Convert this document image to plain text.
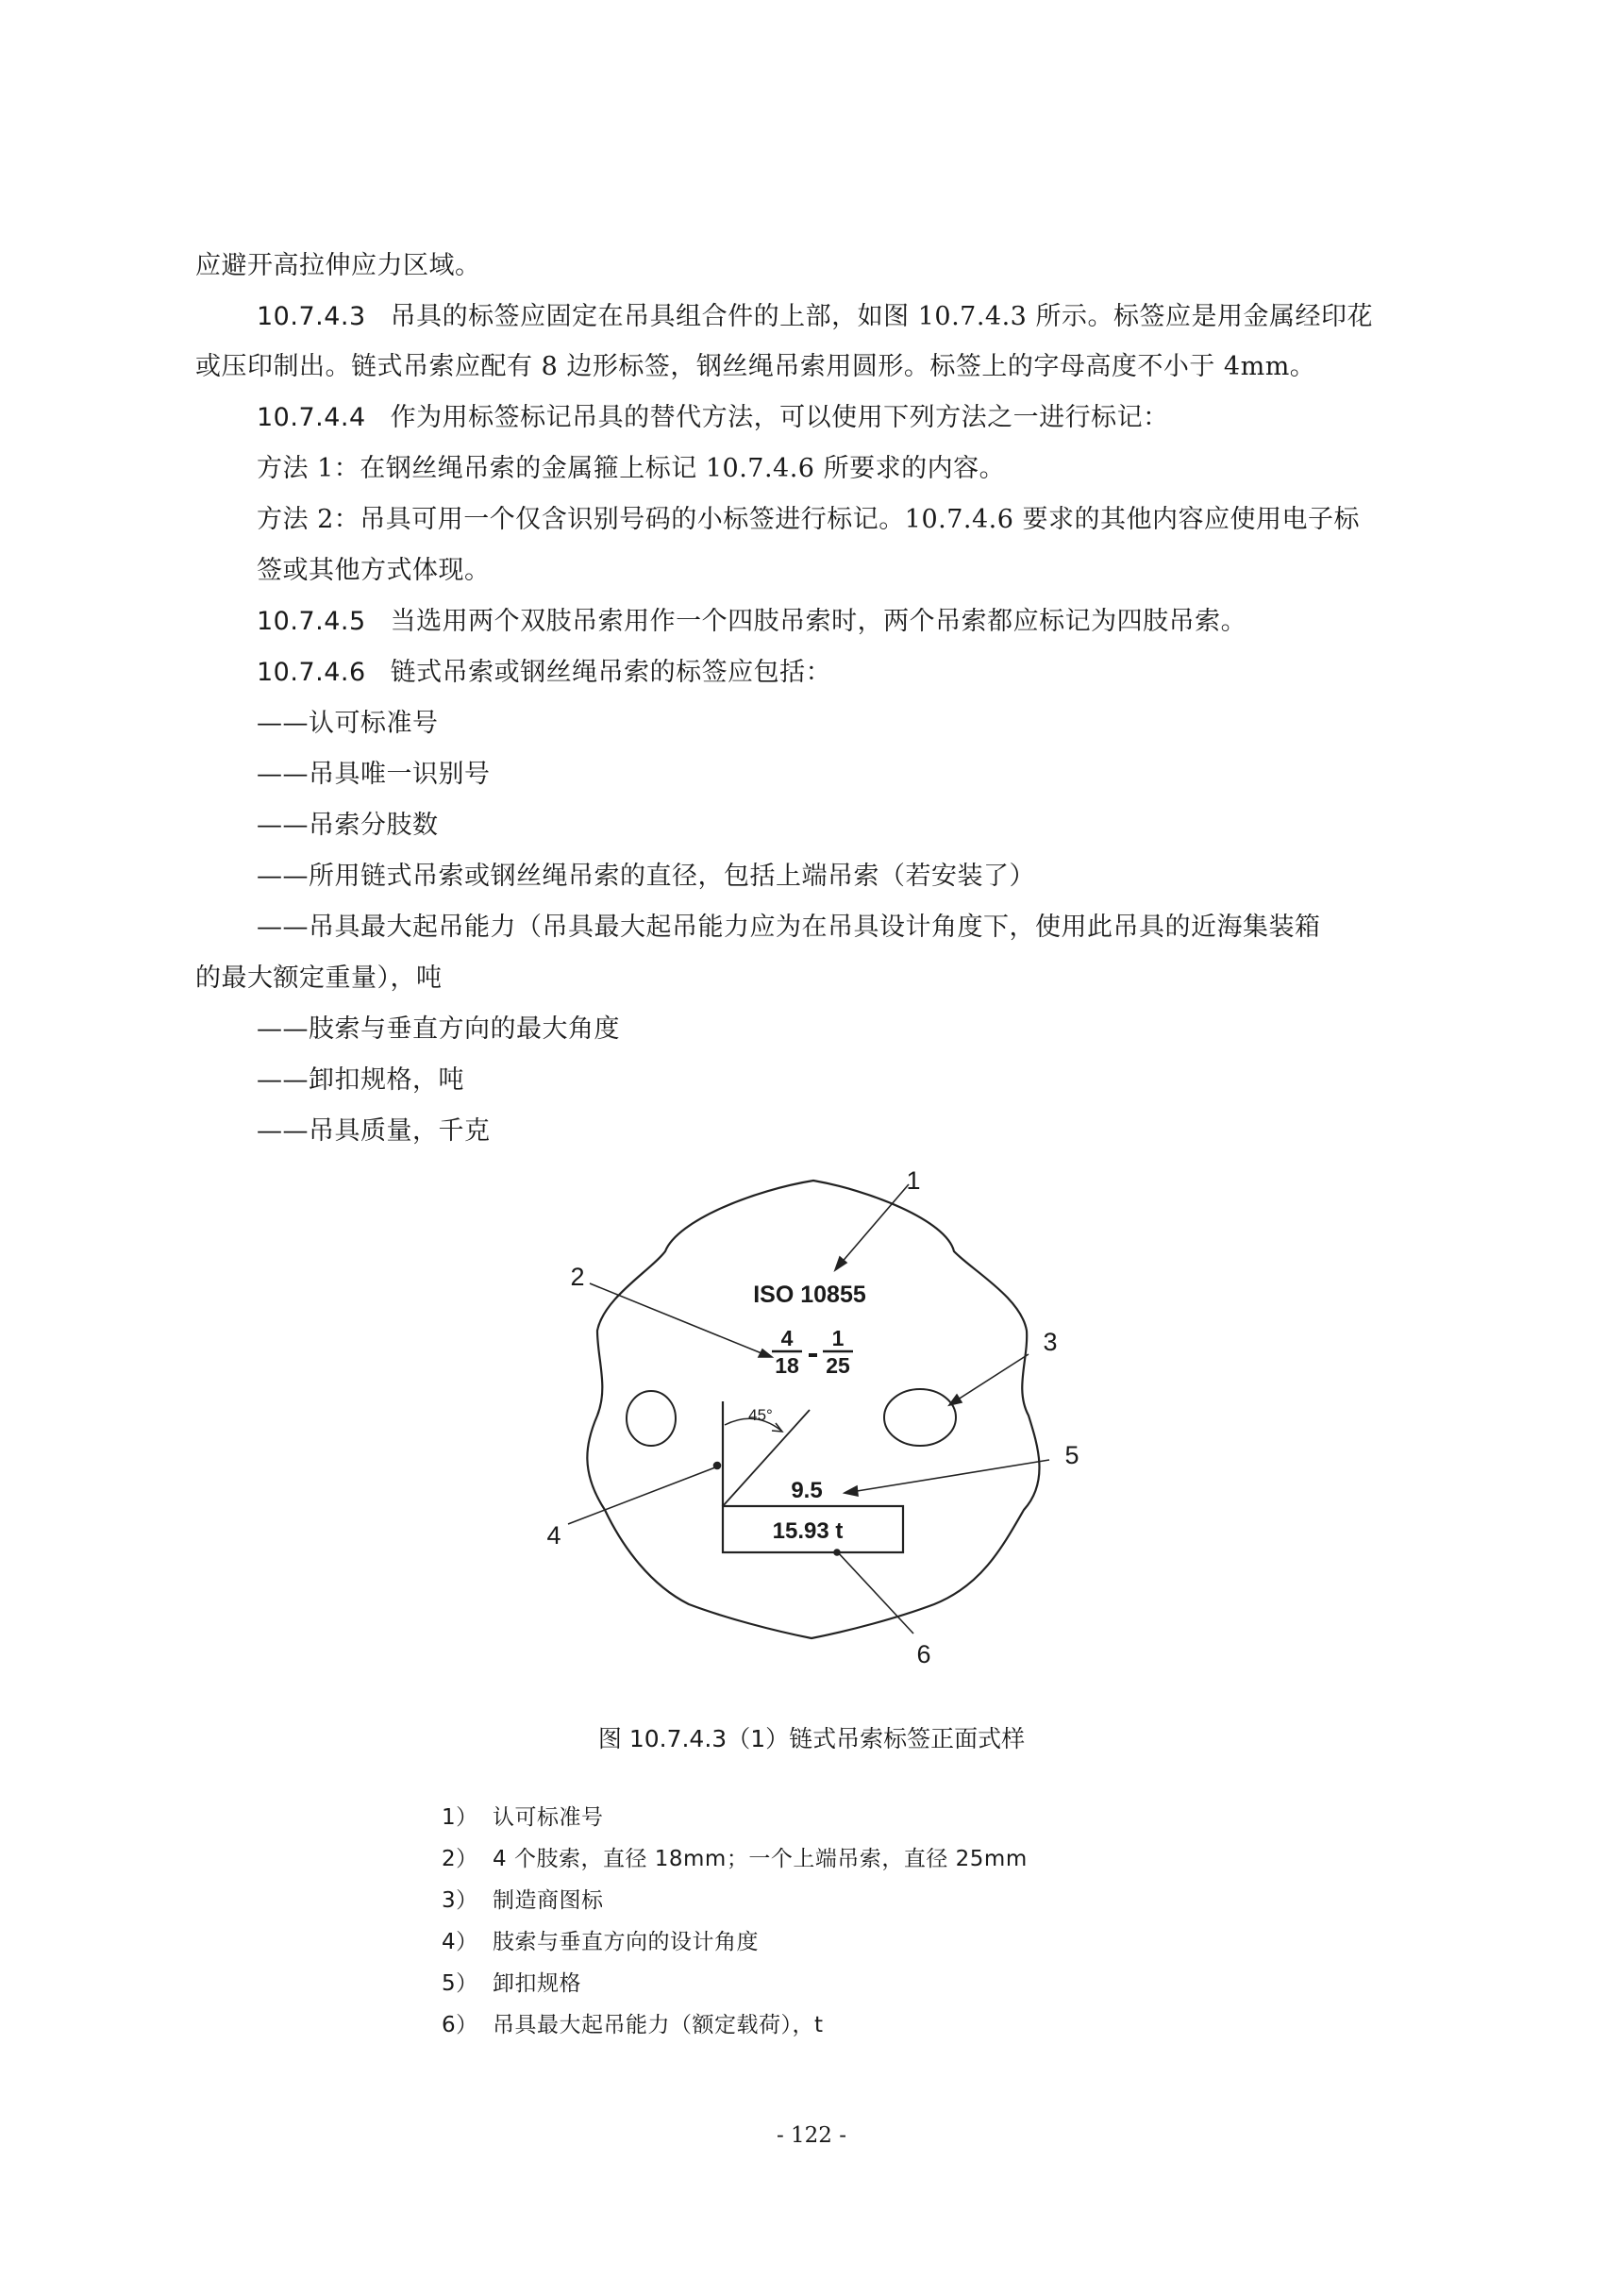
应避开高拉伸应力区域。
10.7.4.3 吊具的标签应固定在吊具组合件的上部，如图 10.7.4.3 所示。标签应是用金属经印花
或压印制出。链式吊索应配有 8 边形标签，钢丝绳吊索用圆形。标签上的字母高度不小于 4mm。
10.7.4.4 作为用标签标记吊具的替代方法，可以使用下列方法之一进行标记：
方法 1：在钢丝绳吊索的金属箍上标记 10.7.4.6 所要求的内容。
方法 2：吊具可用一个仅含识别号码的小标签进行标记。10.7.4.6 要求的其他内容应使用电子标
签或其他方式体现。
10.7.4.5 当选用两个双肢吊索用作一个四肢吊索时，两个吊索都应标记为四肢吊索。
10.7.4.6 链式吊索或钢丝绳吊索的标签应包括：
——认可标准号
——吊具唯一识别号
——吊索分肢数
——所用链式吊索或钢丝绳吊索的直径，包括上端吊索（若安装了）
——吊具最大起吊能力（吊具最大起吊能力应为在吊具设计角度下，使用此吊具的近海集装箱
的最大额定重量），吨
——肢索与垂直方向的最大角度
——卸扣规格，吨
——吊具质量，千克
ISO 10855
4
18
1
25
45°
9.5
15.93 t
1
2
3
4
5
6
图 10.7.4.3（1）链式吊索标签正面式样
1） 认可标准号
2） 4 个肢索，直径 18mm；一个上端吊索，直径 25mm
3） 制造商图标
4） 肢索与垂直方向的设计角度
5） 卸扣规格
6） 吊具最大起吊能力（额定载荷），t
- 122 -
